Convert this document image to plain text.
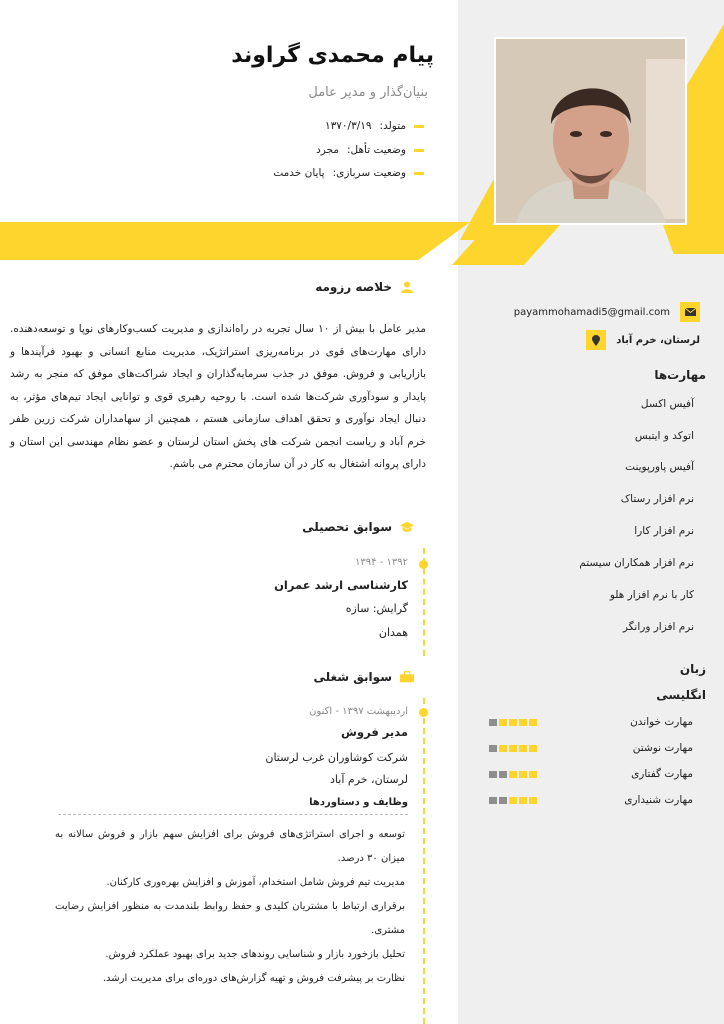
پیام محمدی گراوند
بنیان‌گذار و مدیر عامل
متولد:
۱۳۷۰/۳/۱۹
وضعیت تأهل:
مجرد
وضعیت سربازی:
پایان خدمت
خلاصه رزومه
مدیر عامل با بیش از ۱۰ سال تجربه در راه‌اندازی و مدیریت کسب‌وکارهای نوپا و توسعه‌دهنده. دارای مهارت‌های قوی در برنامه‌ریزی استراتژیک، مدیریت منابع انسانی و بهبود فرآیندها و بازاریابی و فروش. موفق در جذب سرمایه‌گذاران و ایجاد شراکت‌های موفق که منجر به رشد پایدار و سودآوری شرکت‌ها شده است. با روحیه رهبری قوی و توانایی ایجاد تیم‌های مؤثر، به دنبال ایجاد نوآوری و تحقق اهداف سازمانی هستم ، همچنین از سهامداران شرکت زرین ظفر خرم آباد و ریاست انجمن شرکت های پخش استان لرستان و عضو نظام مهندسی این استان و دارای پروانه اشتغال به کار در آن سازمان محترم می باشم.
سوابق تحصیلی
۱۳۹۲ - ۱۳۹۴
کارشناسی ارشد عمران
گرایش: سازه
همدان
سوابق شغلی
اردیبهشت ۱۳۹۷ - اکنون
مدیر فروش
شرکت کوشاوران غرب لرستان
لرستان، خرم آباد
وظایف و دستاوردها
توسعه و اجرای استراتژی‌های فروش برای افزایش سهم بازار و فروش سالانه به میزان ۳۰ درصد.
مدیریت تیم فروش شامل استخدام، آموزش و افزایش بهره‌وری کارکنان.
برقراری ارتباط با مشتریان کلیدی و حفظ روابط بلندمدت به منظور افزایش رضایت مشتری.
تحلیل بازخورد بازار و شناسایی روندهای جدید برای بهبود عملکرد فروش.
نظارت بر پیشرفت فروش و تهیه گزارش‌های دوره‌ای برای مدیریت ارشد.
payammohamadi5@gmail.com
لرستان، خرم آباد
مهارت‌ها
آفیس اکسل
اتوکد و ایتبس
آفیس پاورپوینت
نرم افزار رستاک
نرم افزار کارا
نرم افزار همکاران سیستم
کار با نرم افزار هلو
نرم افزار ورانگر
زبان
انگلیسی
مهارت خواندن
مهارت نوشتن
مهارت گفتاری
مهارت شنیداری
